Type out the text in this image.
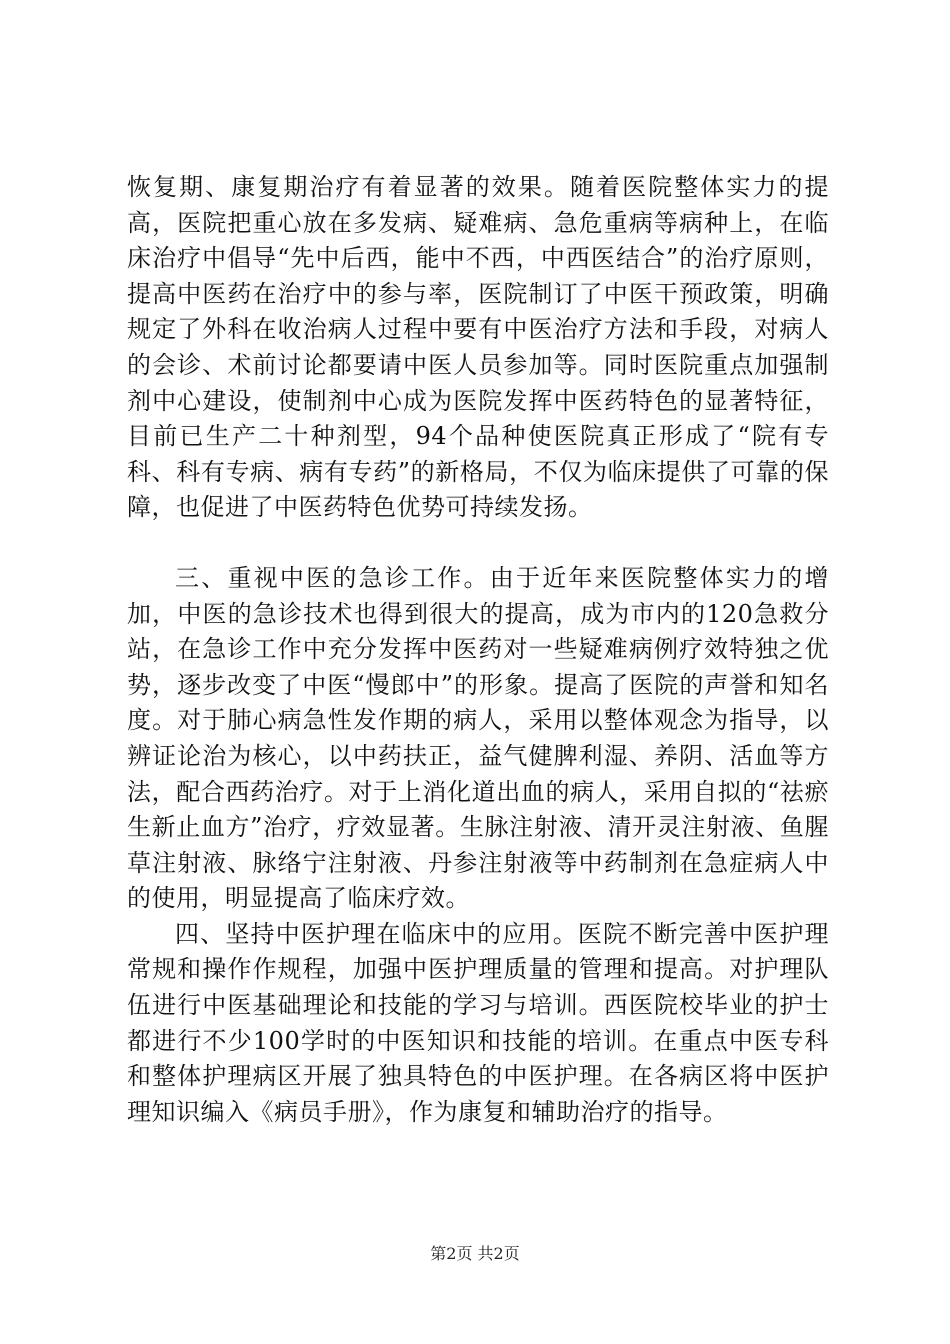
恢复期、康复期治疗有着显著的效果。随着医院整体实力的提高，医院把重心放在多发病、疑难病、急危重病等病种上，在临床治疗中倡导“先中后西，能中不西，中西医结合”的治疗原则，提高中医药在治疗中的参与率，医院制订了中医干预政策，明确规定了外科在收治病人过程中要有中医治疗方法和手段，对病人的会诊、术前讨论都要请中医人员参加等。同时医院重点加强制剂中心建设，使制剂中心成为医院发挥中医药特色的显著特征，目前已生产二十种剂型，94个品种使医院真正形成了“院有专科、科有专病、病有专药”的新格局，不仅为临床提供了可靠的保障，也促进了中医药特色优势可持续发扬。

三、重视中医的急诊工作。由于近年来医院整体实力的增加，中医的急诊技术也得到很大的提高，成为市内的120急救分站，在急诊工作中充分发挥中医药对一些疑难病例疗效特独之优势，逐步改变了中医“慢郎中”的形象。提高了医院的声誉和知名度。对于肺心病急性发作期的病人，采用以整体观念为指导，以辨证论治为核心，以中药扶正，益气健脾利湿、养阴、活血等方法，配合西药治疗。对于上消化道出血的病人，采用自拟的“祛瘀生新止血方”治疗，疗效显著。生脉注射液、清开灵注射液、鱼腥草注射液、脉络宁注射液、丹参注射液等中药制剂在急症病人中的使用，明显提高了临床疗效。

四、坚持中医护理在临床中的应用。医院不断完善中医护理常规和操作作规程，加强中医护理质量的管理和提高。对护理队伍进行中医基础理论和技能的学习与培训。西医院校毕业的护士都进行不少100学时的中医知识和技能的培训。在重点中医专科和整体护理病区开展了独具特色的中医护理。在各病区将中医护理知识编入《病员手册》，作为康复和辅助治疗的指导。

第2页 共2页
